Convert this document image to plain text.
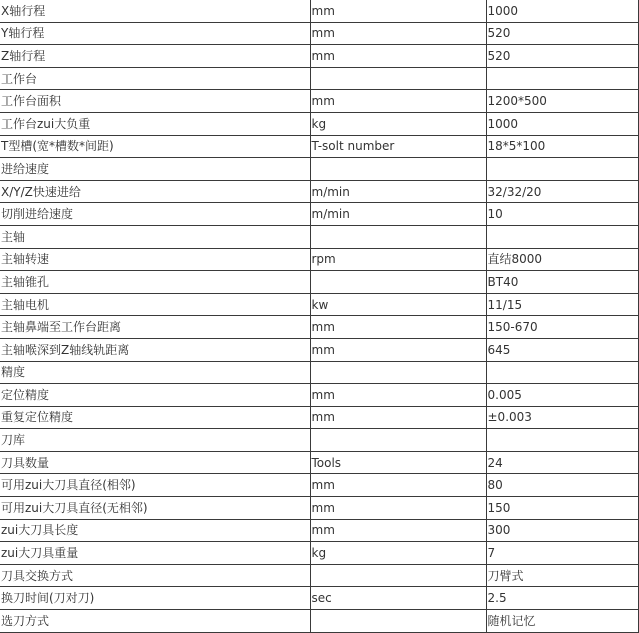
X轴行程	mm	1000
Y轴行程	mm	520
Z轴行程	mm	520
工作台		
工作台面积	mm	1200*500
工作台zui大负重	kg	1000
T型槽(宽*槽数*间距)	T-solt number	18*5*100
进给速度		
X/Y/Z快速进给	m/min	32/32/20
切削进给速度	m/min	10
主轴		
主轴转速	rpm	直结8000
主轴锥孔		BT40
主轴电机	kw	11/15
主轴鼻端至工作台距离	mm	150-670
主轴喉深到Z轴线轨距离	mm	645
精度		
定位精度	mm	0.005
重复定位精度	mm	±0.003
刀库		
刀具数量	Tools	24
可用zui大刀具直径(相邻)	mm	80
可用zui大刀具直径(无相邻)	mm	150
zui大刀具长度	mm	300
zui大刀具重量	kg	7
刀具交换方式		刀臂式
换刀时间(刀对刀)	sec	2.5
选刀方式		随机记忆
